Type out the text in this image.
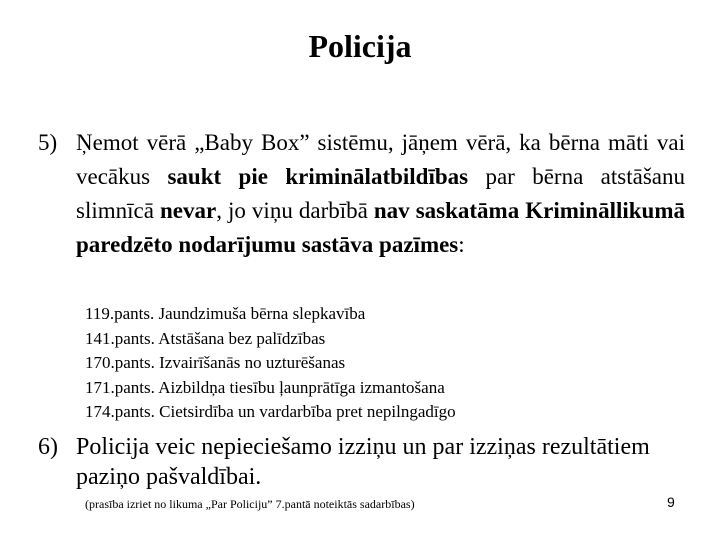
Policija
5) Ņemot vērā „Baby Box” sistēmu, jāņem vērā, ka bērna māti vai vecākus saukt pie kriminālatbildības par bērna atstāšanu slimnīcā nevar, jo viņu darbībā nav saskatāma Krimināllikumā paredzēto nodarījumu sastāva pazīmes:
119.pants. Jaundzimuša bērna slepkavība
141.pants. Atstāšana bez palīdzības
170.pants. Izvairīšanās no uzturēšanas
171.pants. Aizbildņa tiesību ļaunprātīga izmantošana
174.pants. Cietsirdība un vardarbība pret nepilngadīgo
6) Policija veic nepieciešamo izziņu un par izziņas rezultātiem paziņo pašvaldībai.
(prasība izriet no likuma „Par Policiju” 7.pantā noteiktās sadarbības)	9
